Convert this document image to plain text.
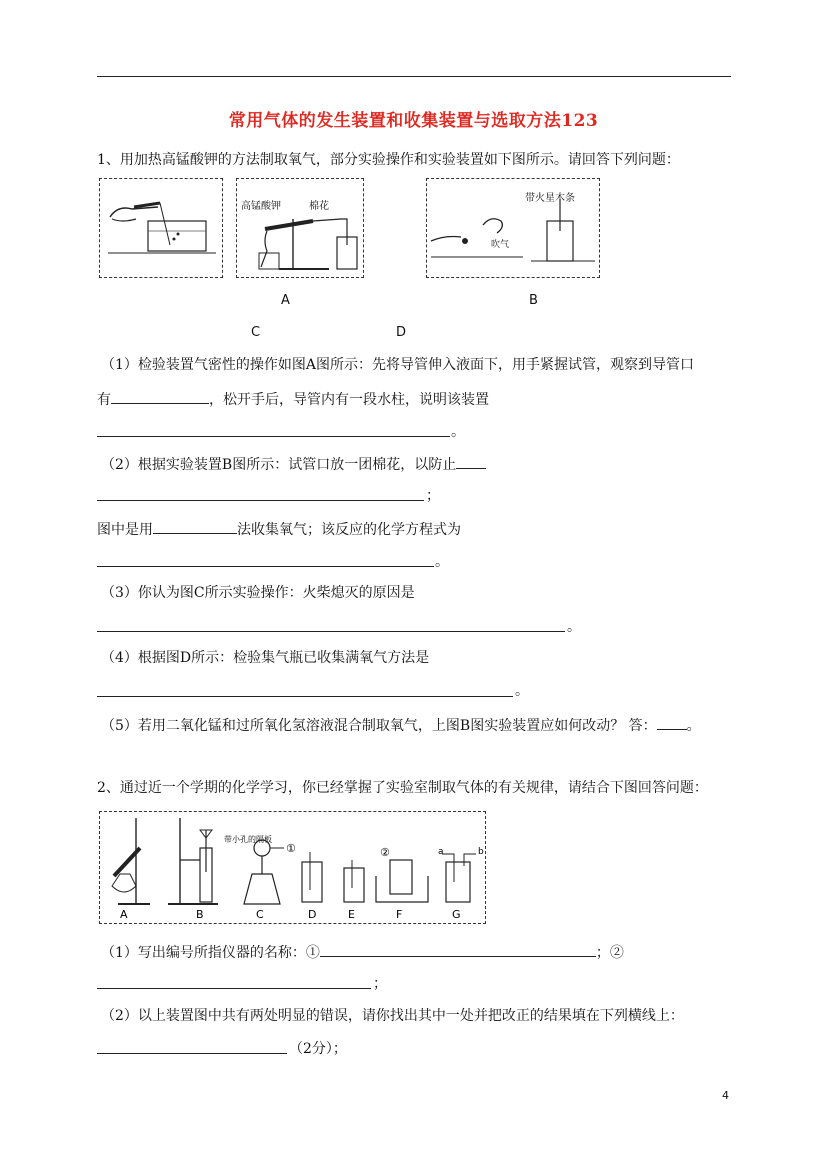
常用气体的发生装置和收集装置与选取方法123
1、用加热高锰酸钾的方法制取氧气，部分实验操作和实验装置如下图所示。请回答下列问题：
高锰酸钾	棉花
带火星木条
吹气
A	B
C	D
（1）检验装置气密性的操作如图A图所示：先将导管伸入液面下，用手紧握试管，观察到导管口
有	，松开手后，导管内有一段水柱，说明该装置
。
（2）根据实验装置B图所示：试管口放一团棉花，以防止
；
图中是用	法收集氧气；该反应的化学方程式为
。
（3）你认为图C所示实验操作：火柴熄灭的原因是
。
（4）根据图D所示：检验集气瓶已收集满氧气方法是
。
（5）若用二氧化锰和过所氧化氢溶液混合制取氧气，上图B图实验装置应如何改动？ 答： 。
2、通过近一个学期的化学学习，你已经掌握了实验室制取气体的有关规律，请结合下图回答问题：
A
带小孔的隔板
B
①
C	D	E
②
F
a	b
G
（1）写出编号所指仪器的名称：①	；②
；
（2）以上装置图中共有两处明显的错误，请你找出其中一处并把改正的结果填在下列横线上：
（2分）；
4
